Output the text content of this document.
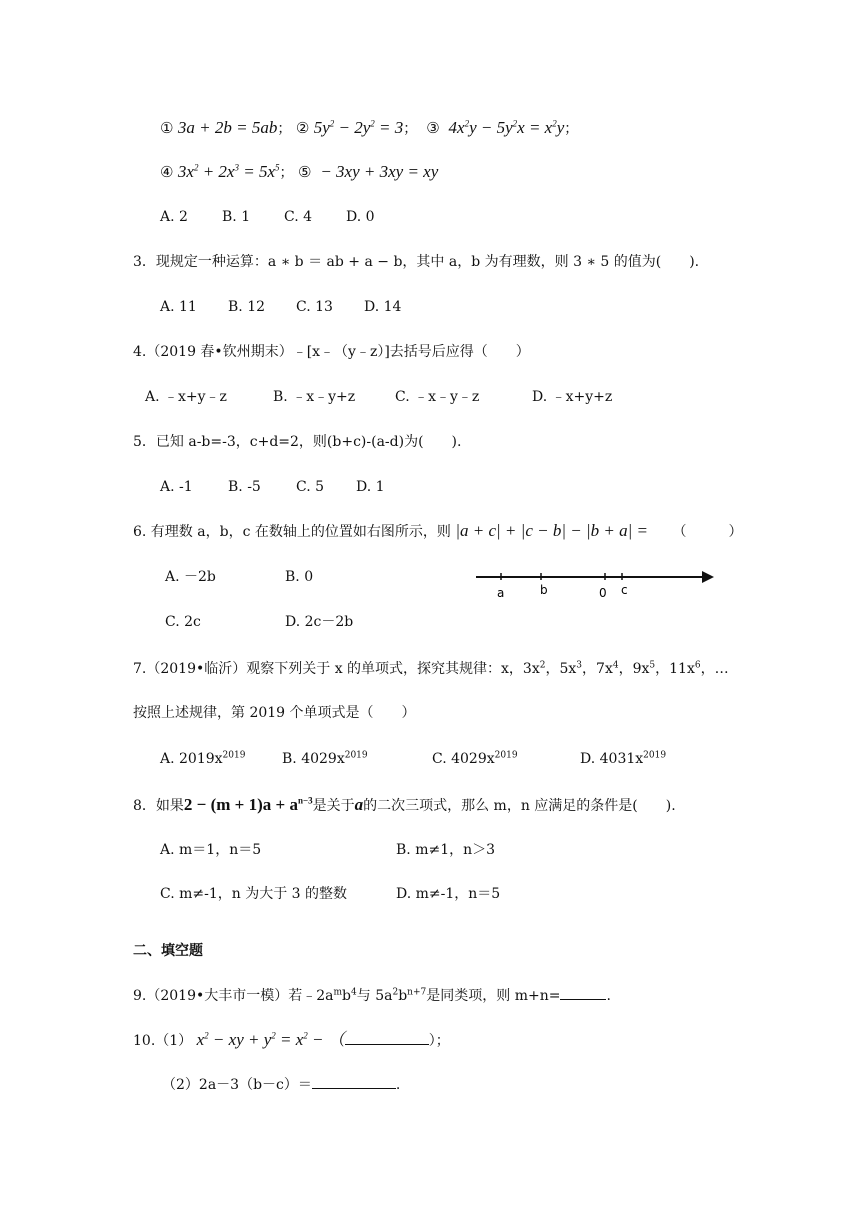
① 3a + 2b = 5ab； ② $5y^2 - 2y^2 = 3$； ③ $4x^2y - 5y^2x = x^2y$；
④ $3x^2 + 2x^3 = 5x^5$； ⑤ − 3xy + 3xy = xy
A. 2 B. 1 C. 4 D. 0
3．现规定一种运算：a ∗ b ＝ ab + a − b，其中 a，b 为有理数，则 3 ∗ 5 的值为(　　).
A. 11 B. 12 C. 13 D. 14
4.（2019 春•钦州期末）﹣[x﹣（y﹣z）]去括号后应得（　　）
A. ﹣x+y﹣z	B. ﹣x﹣y+z	C. ﹣x﹣y﹣z	D. ﹣x+y+z
5．已知 a-b=-3，c+d=2，则(b+c)-(a-d)为(　　).
A. -1	B. -5	C. 5 D. 1
6. 有理数 a，b，c 在数轴上的位置如右图所示，则 |a + c| + |c − b| − |b + a| = （　　　）
A. －2b	B. 0
C. 2c	D. 2c－2b
a	b	0 c
7.（2019•临沂）观察下列关于 x 的单项式，探究其规律：x，$3x^2$，$5x^3$，$7x^4$，$9x^5$，$11x^6$，…
按照上述规律，第 2019 个单项式是（　　）
A. $2019x^{2019}$	B. $4029x^{2019}$	C. $4029x^{2019}$	D. $4031x^{2019}$
8．如果$2 - (m + 1)a + a^{n-3}$是关于a的二次三项式，那么 m，n 应满足的条件是(　　).
A. m＝1，n＝5	B. m≠1，n＞3
C. m≠-1，n 为大于 3 的整数	D. m≠-1，n＝5
二、填空题
9.（2019•大丰市一模）若$﹣2a^mb^4$与 $5a^2b^{n+7}$是同类项，则 m+n=	.
10.（1） $x^2$ − xy + $y^2 = x^2$ − （	）；
（2）2a－3（b－c）＝	.
